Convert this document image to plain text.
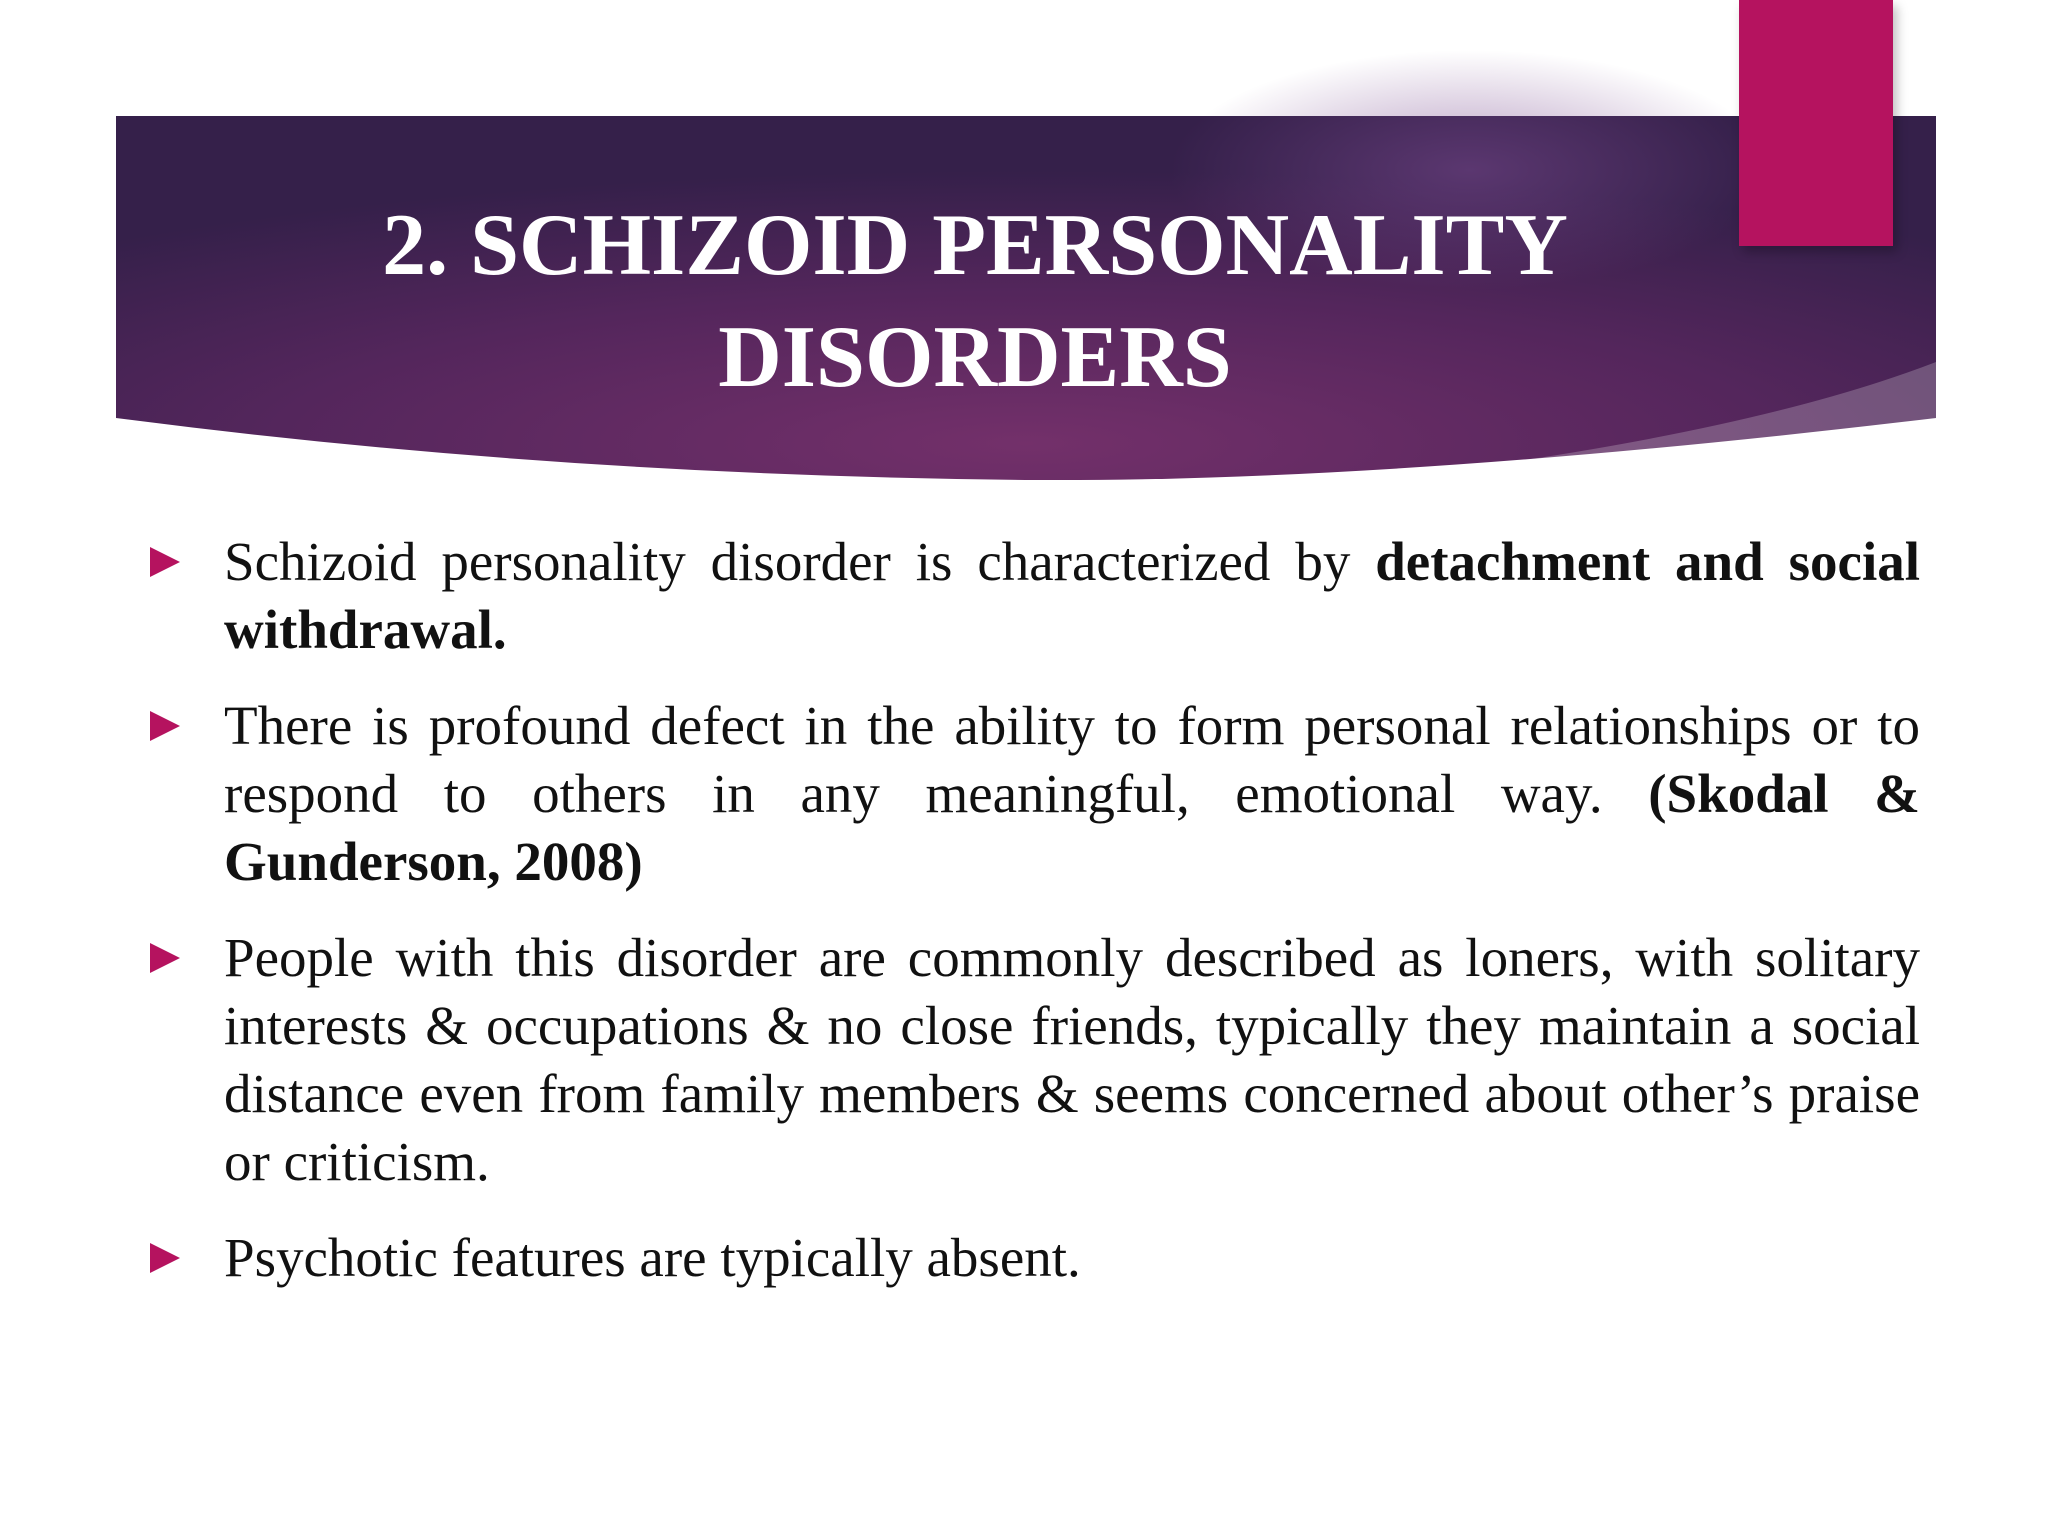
2. SCHIZOID PERSONALITY
DISORDERS
Schizoid personality disorder is characterized by detachment and social withdrawal.
There is profound defect in the ability to form personal relationships or to respond to others in any meaningful, emotional way. (Skodal & Gunderson, 2008)
People with this disorder are commonly described as loners, with solitary interests & occupations & no close friends, typically they maintain a social distance even from family members & seems concerned about other’s praise or criticism.
Psychotic features are typically absent.
